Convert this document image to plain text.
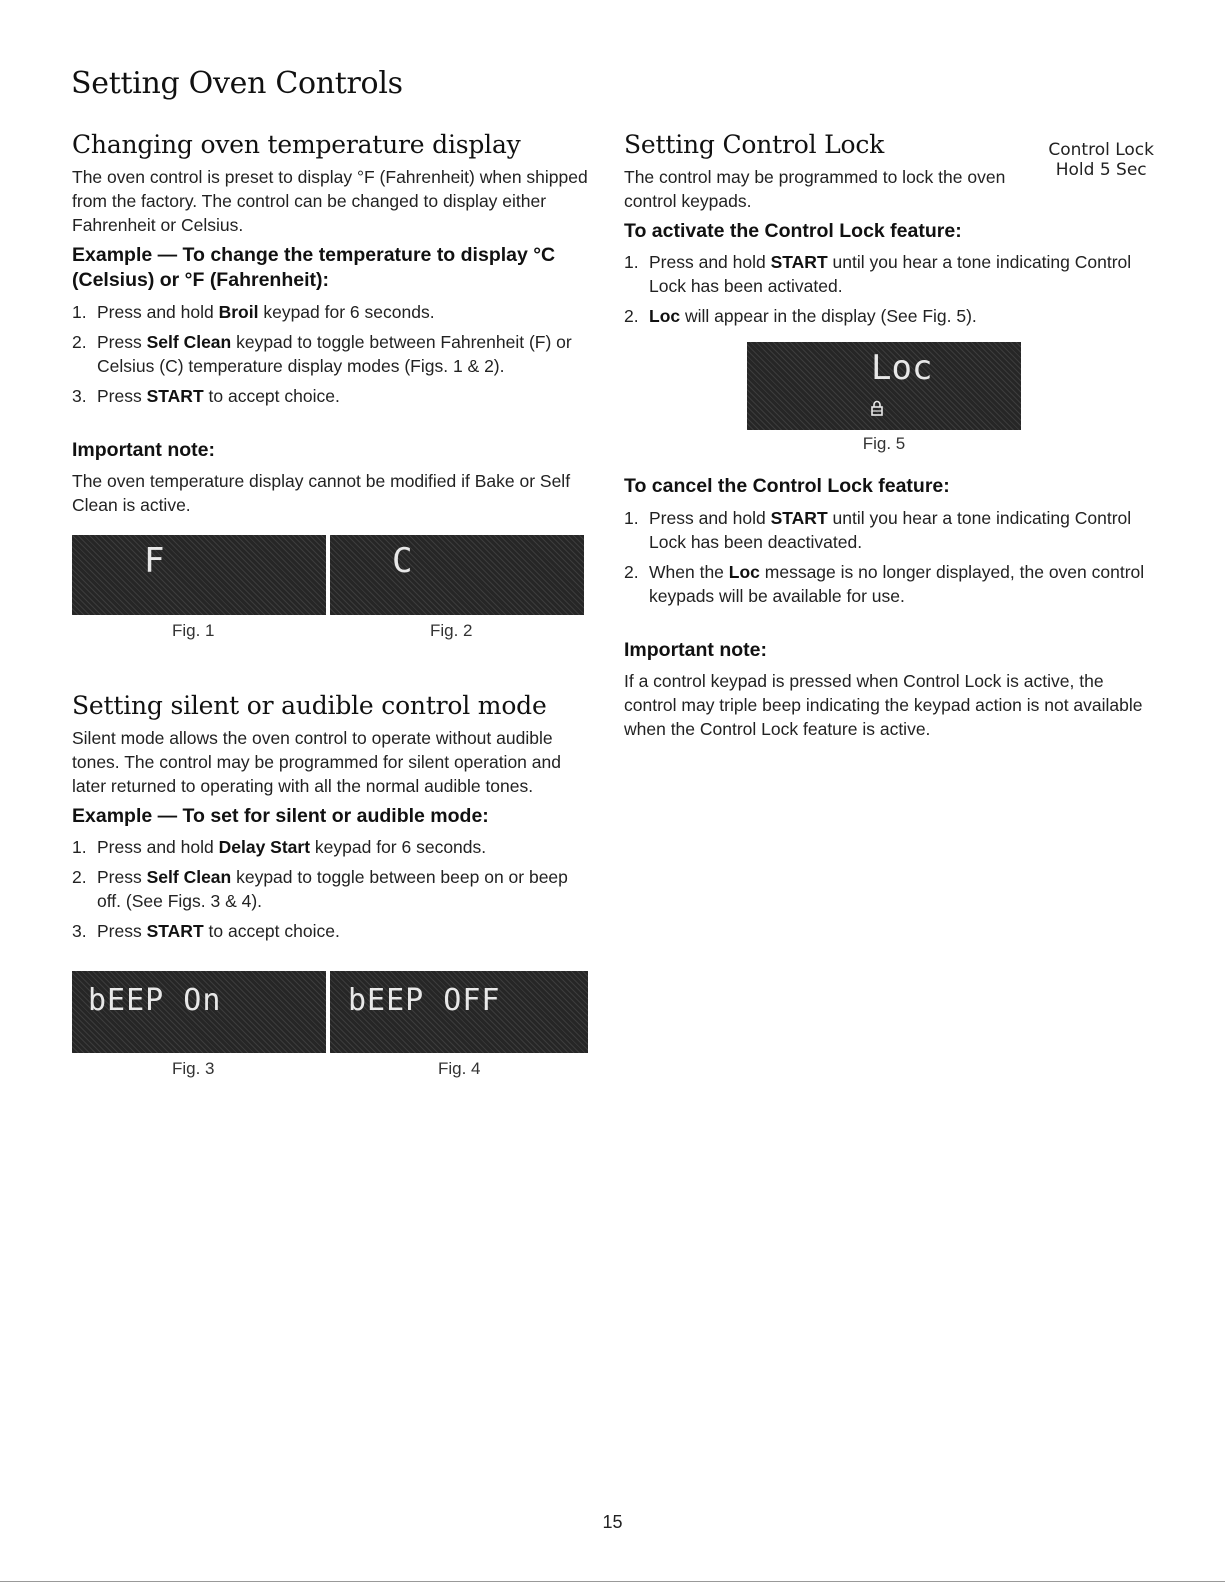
Setting Oven Controls
Changing oven temperature display

The oven control is preset to display °F (Fahrenheit) when shipped from the factory. The control can be changed to display either Fahrenheit or Celsius.

Example — To change the temperature to display °C (Celsius) or °F (Fahrenheit):
1. Press and hold Broil keypad for 6 seconds.
2. Press Self Clean keypad to toggle between Fahrenheit (F) or Celsius (C) temperature display modes (Figs. 1 & 2).
3. Press START to accept choice.
Important note:

The oven temperature display cannot be modified if Bake or Self Clean is active.

F	C
Fig. 1	Fig. 2
Setting silent or audible control mode

Silent mode allows the oven control to operate without audible tones. The control may be programmed for silent operation and later returned to operating with all the normal audible tones.

Example — To set for silent or audible mode:
1. Press and hold Delay Start keypad for 6 seconds.
2. Press Self Clean keypad to toggle between beep on or beep off. (See Figs. 3 & 4).
3. Press START to accept choice.
bEEP On	bEEP OFF
Fig. 3	Fig. 4
Control Lock
Hold 5 Sec
Setting Control Lock

The control may be programmed to lock the oven control keypads.

To activate the Control Lock feature:
1. Press and hold START until you hear a tone indicating Control Lock has been activated.
2. Loc will appear in the display (See Fig. 5).
Loc
Fig. 5
To cancel the Control Lock feature:
1. Press and hold START until you hear a tone indicating Control Lock has been deactivated.
2. When the Loc message is no longer displayed, the oven control keypads will be available for use.
Important note:

If a control keypad is pressed when Control Lock is active, the control may triple beep indicating the keypad action is not available when the Control Lock feature is active.

15
